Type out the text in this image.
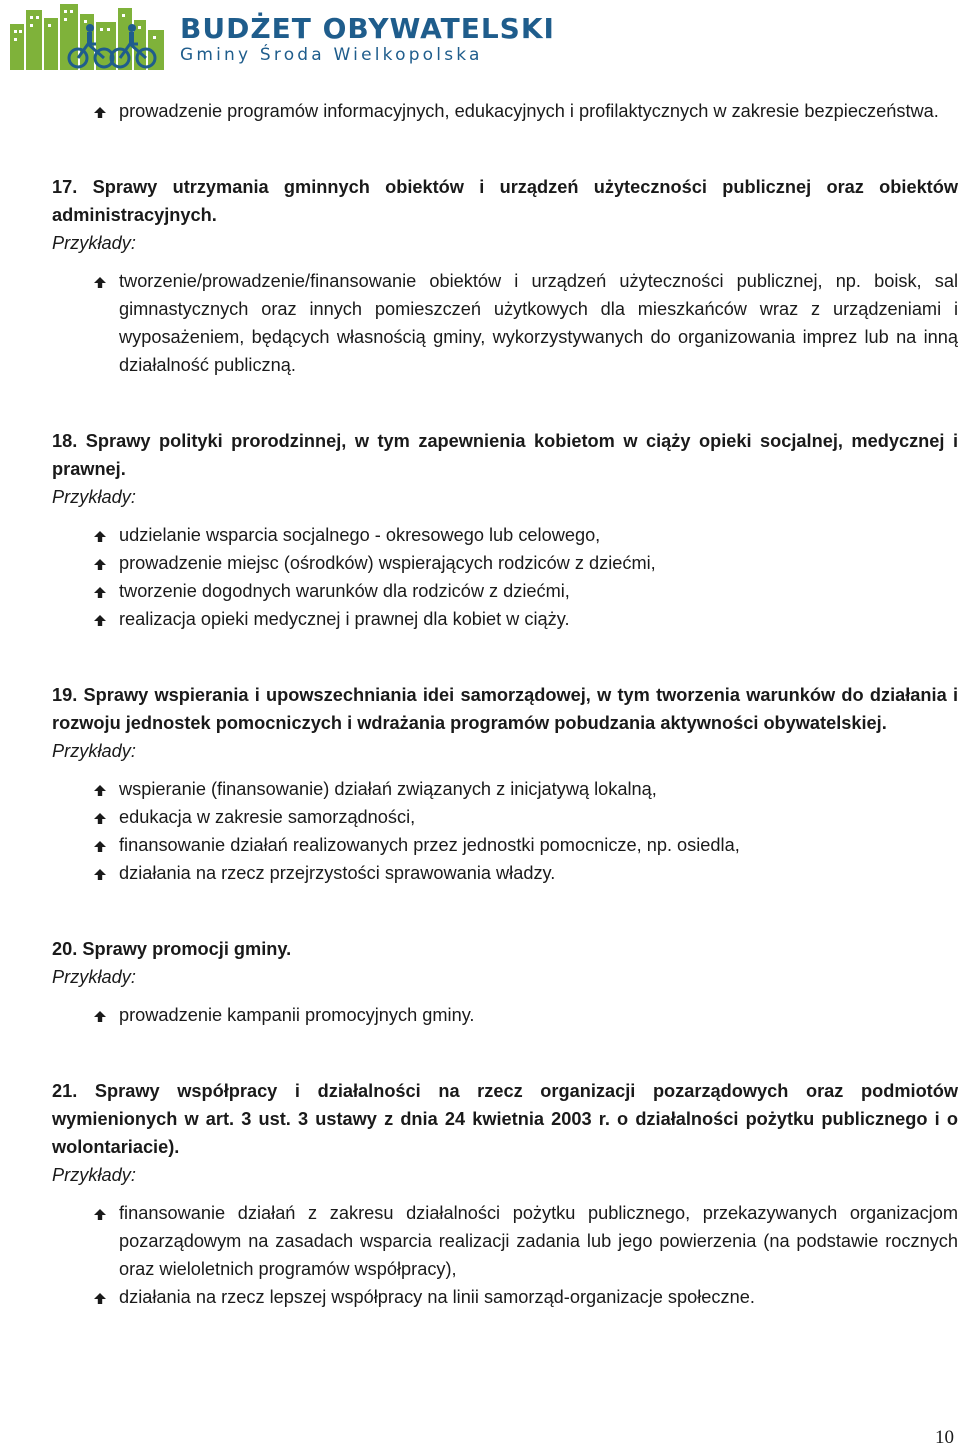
BUDŻET OBYWATELSKI
Gminy Środa Wielkopolska
prowadzenie programów informacyjnych, edukacyjnych i profilaktycznych w zakresie bezpieczeństwa.
17. Sprawy utrzymania gminnych obiektów i urządzeń użyteczności publicznej oraz obiektów administracyjnych.
Przykłady:
tworzenie/prowadzenie/finansowanie obiektów i urządzeń użyteczności publicznej, np. boisk, sal gimnastycznych oraz innych pomieszczeń użytkowych dla mieszkańców wraz z urządzeniami i wyposażeniem, będących własnością gminy, wykorzystywanych do organizowania imprez lub na inną działalność publiczną.
18. Sprawy polityki prorodzinnej, w tym zapewnienia kobietom w ciąży opieki socjalnej, medycznej i prawnej.
Przykłady:
udzielanie wsparcia socjalnego - okresowego lub celowego,
prowadzenie miejsc (ośrodków) wspierających rodziców z dziećmi,
tworzenie dogodnych warunków dla rodziców z dziećmi,
realizacja opieki medycznej i prawnej dla kobiet w ciąży.
19. Sprawy wspierania i upowszechniania idei samorządowej, w tym tworzenia warunków do działania i rozwoju jednostek pomocniczych i wdrażania programów pobudzania aktywności obywatelskiej.
Przykłady:
wspieranie (finansowanie) działań związanych z inicjatywą lokalną,
edukacja w zakresie samorządności,
finansowanie działań realizowanych przez jednostki pomocnicze, np. osiedla,
działania na rzecz przejrzystości sprawowania władzy.
20. Sprawy promocji gminy.
Przykłady:
prowadzenie kampanii promocyjnych gminy.
21. Sprawy współpracy i działalności na rzecz organizacji pozarządowych oraz podmiotów wymienionych w art. 3 ust. 3 ustawy z dnia 24 kwietnia 2003 r. o działalności pożytku publicznego i o wolontariacie).
Przykłady:
finansowanie działań z zakresu działalności pożytku publicznego, przekazywanych organizacjom pozarządowym na zasadach wsparcia realizacji zadania lub jego powierzenia (na podstawie rocznych oraz wieloletnich programów współpracy),
działania na rzecz lepszej współpracy na linii samorząd-organizacje społeczne.
10
